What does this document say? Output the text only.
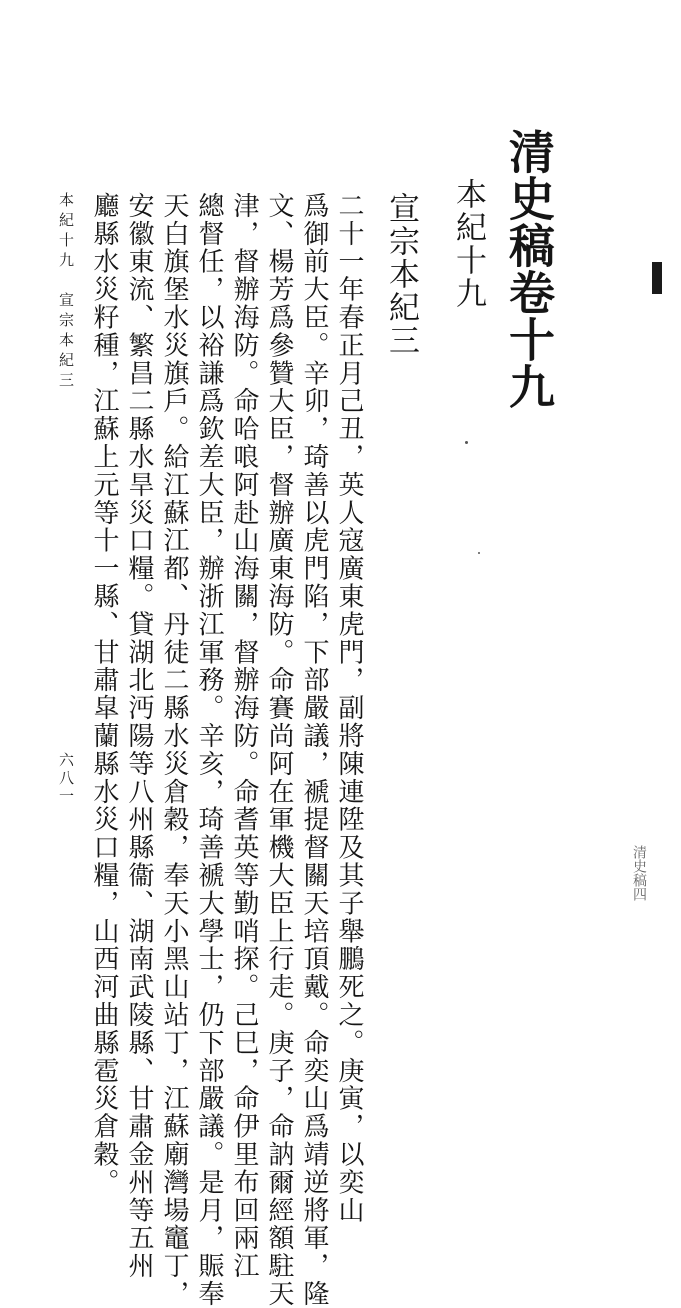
清史稿卷十九
本紀十九
宣宗本紀三
二十一年春正月己丑，英人寇廣東虎門，副將陳連陞及其子舉鵬死之。庚寅，以奕山
爲御前大臣。辛卯，琦善以虎門陷，下部嚴議，褫提督關天培頂戴。命奕山爲靖逆將軍，隆
文、楊芳爲參贊大臣，督辦廣東海防。命賽尚阿在軍機大臣上行走。庚子，命訥爾經額駐天
津，督辦海防。命哈哴阿赴山海關，督辦海防。命耆英等勤哨探。己巳，命伊里布回兩江
總督任，以裕謙爲欽差大臣，辦浙江軍務。辛亥，琦善褫大學士，仍下部嚴議。是月，賑奉
天白旗堡水災旗戶。給江蘇江都、丹徒二縣水災倉穀，奉天小黑山站丁，江蘇廟灣場竈丁，
安徽東流、繁昌二縣水旱災口糧。貸湖北沔陽等八州縣衞、湖南武陵縣、甘肅金州等五州
廳縣水災籽種，江蘇上元等十一縣、甘肅皐蘭縣水災口糧，山西河曲縣雹災倉穀。
本紀十九　宣宗本紀三
六八一
清史稿四
